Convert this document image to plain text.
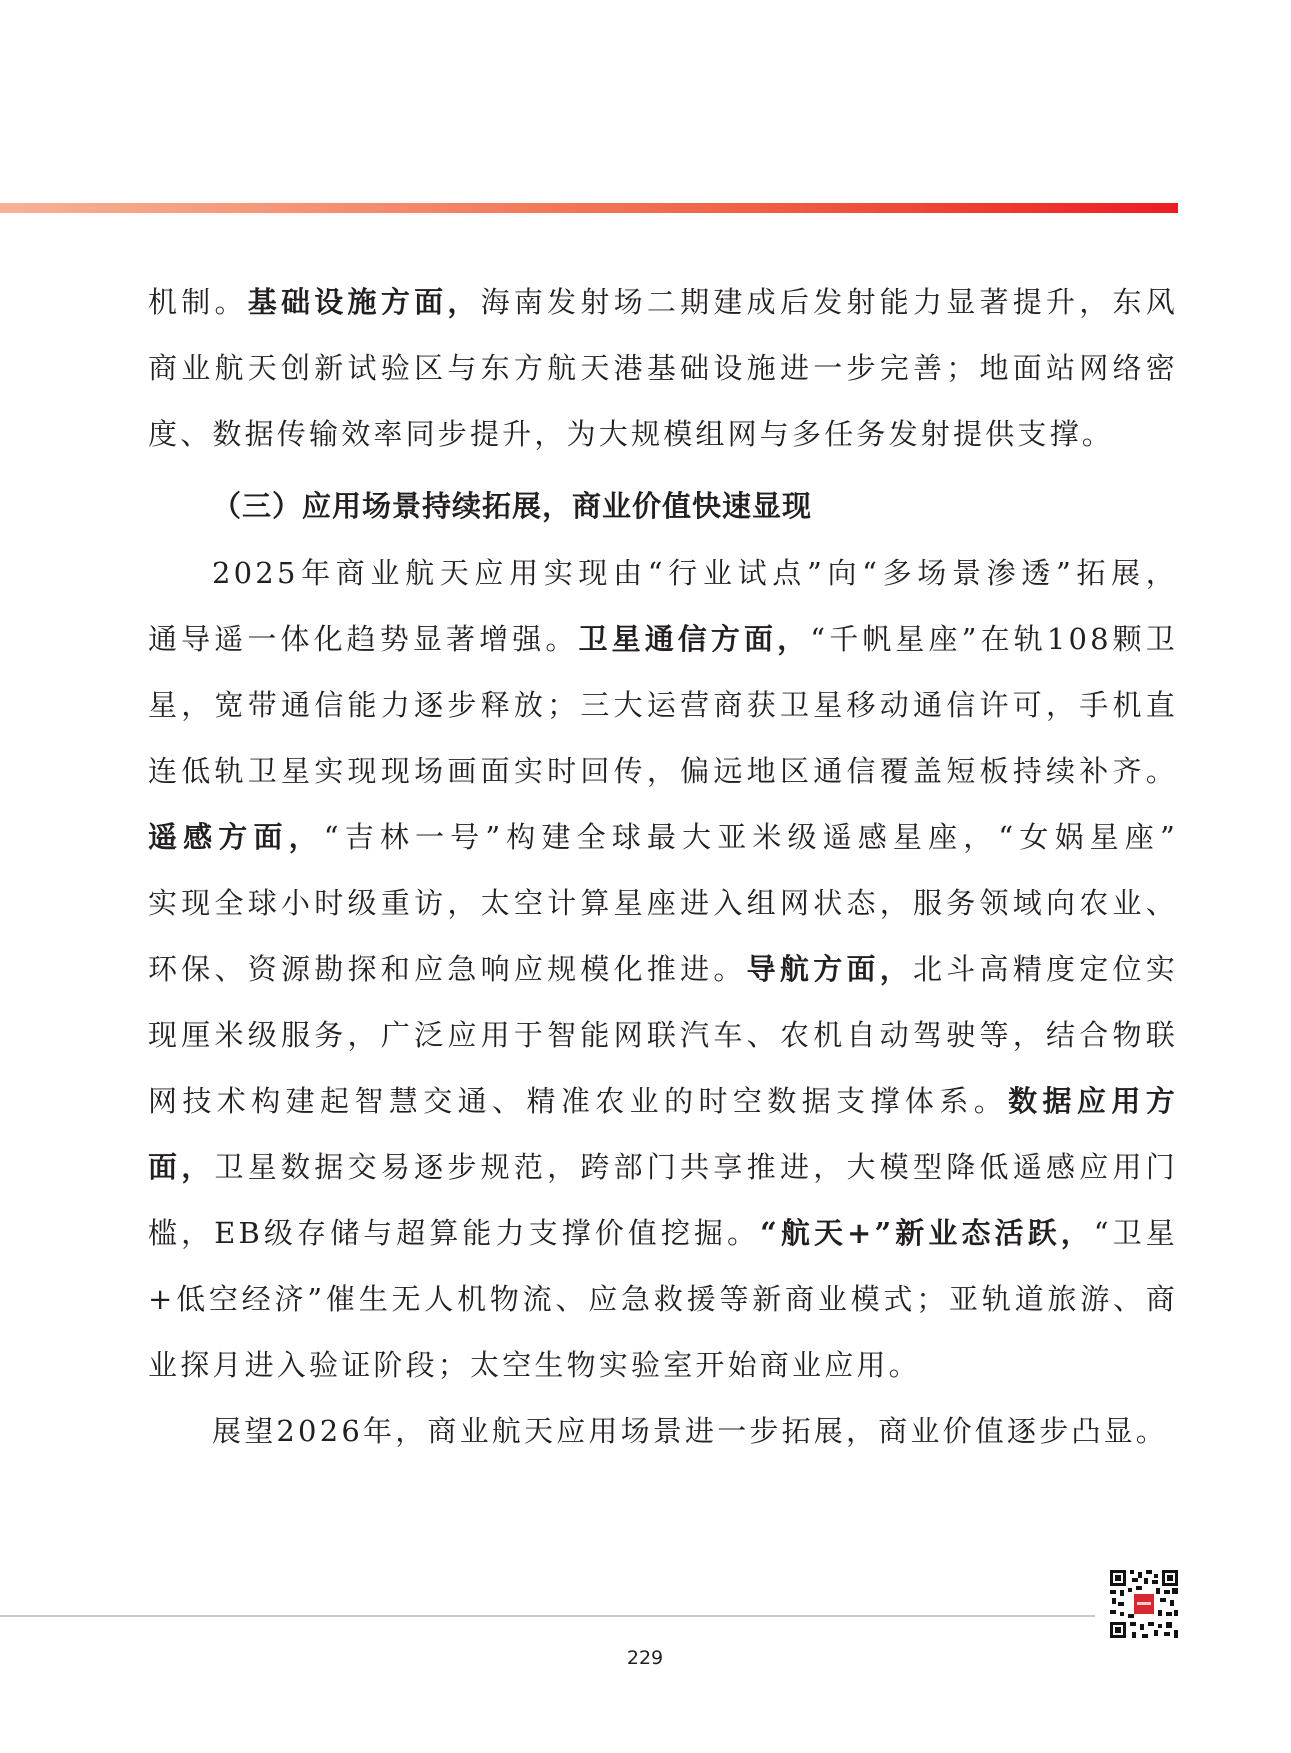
机制。基础设施方面，海南发射场二期建成后发射能力显著提升，东风
商业航天创新试验区与东方航天港基础设施进一步完善；地面站网络密
度、数据传输效率同步提升，为大规模组网与多任务发射提供支撑。
（三）应用场景持续拓展，商业价值快速显现
2025年商业航天应用实现由“行业试点”向“多场景渗透”拓展，
通导遥一体化趋势显著增强。卫星通信方面，“千帆星座”在轨108颗卫
星，宽带通信能力逐步释放；三大运营商获卫星移动通信许可，手机直
连低轨卫星实现现场画面实时回传，偏远地区通信覆盖短板持续补齐。
遥感方面，“吉林一号”构建全球最大亚米级遥感星座，“女娲星座”
实现全球小时级重访，太空计算星座进入组网状态，服务领域向农业、
环保、资源勘探和应急响应规模化推进。导航方面，北斗高精度定位实
现厘米级服务，广泛应用于智能网联汽车、农机自动驾驶等，结合物联
网技术构建起智慧交通、精准农业的时空数据支撑体系。数据应用方
面，卫星数据交易逐步规范，跨部门共享推进，大模型降低遥感应用门
槛，EB级存储与超算能力支撑价值挖掘。“航天+”新业态活跃，“卫星
+低空经济”催生无人机物流、应急救援等新商业模式；亚轨道旅游、商
业探月进入验证阶段；太空生物实验室开始商业应用。
展望2026年，商业航天应用场景进一步拓展，商业价值逐步凸显。
229
